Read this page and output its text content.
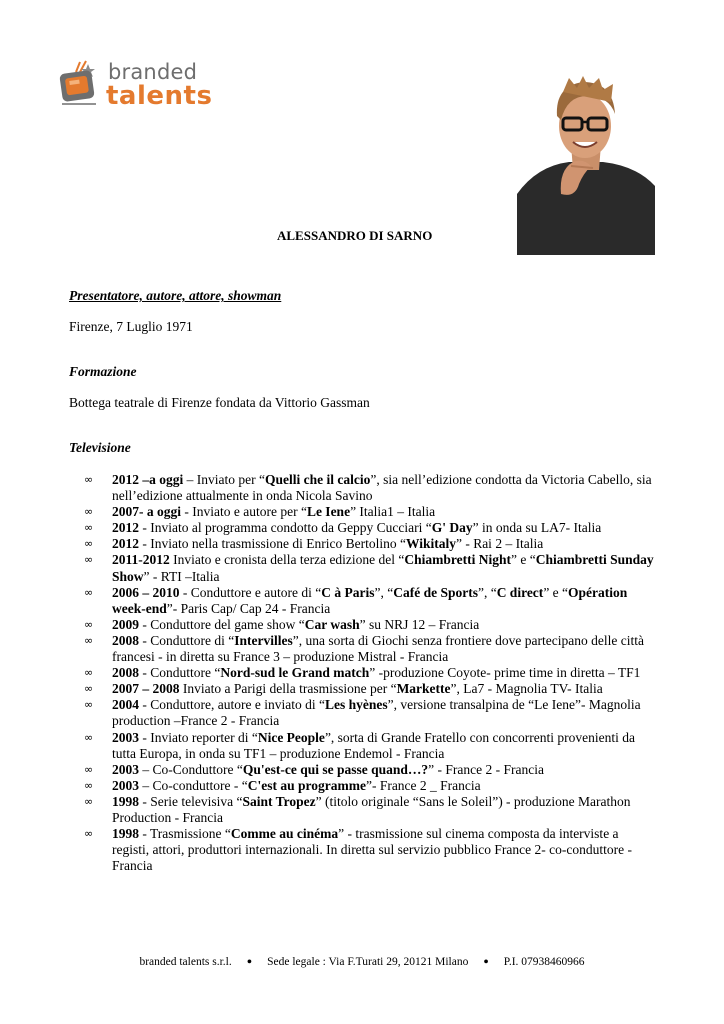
branded
talents
ALESSANDRO DI SARNO
Presentatore, autore, attore, showman
Firenze, 7 Luglio 1971
Formazione
Bottega teatrale di Firenze fondata da Vittorio Gassman
Televisione
∞ 2012 –a oggi – Inviato per “Quelli che il calcio”, sia nell’edizione condotta da Victoria Cabello, sia nell’edizione attualmente in onda Nicola Savino
∞ 2007- a oggi - Inviato e autore per “Le Iene” Italia1 – Italia
∞ 2012 - Inviato al programma condotto da Geppy Cucciari “G' Day” in onda su LA7- Italia
∞ 2012 - Inviato nella trasmissione di Enrico Bertolino “Wikitaly” - Rai 2 – Italia
∞ 2011-2012 Inviato e cronista della terza edizione del “Chiambretti Night” e “Chiambretti Sunday Show” - RTI –Italia
∞ 2006 – 2010 - Conduttore e autore di “C à Paris”, “Café de Sports”, “C direct” e “Opération week-end”- Paris Cap/ Cap 24 - Francia
∞ 2009 - Conduttore del game show “Car wash” su NRJ 12 – Francia
∞ 2008 - Conduttore di “Intervilles”, una sorta di Giochi senza frontiere dove partecipano delle città francesi - in diretta su France 3 – produzione Mistral - Francia
∞ 2008 - Conduttore “Nord-sud le Grand match” -produzione Coyote- prime time in diretta – TF1
∞ 2007 – 2008 Inviato a Parigi della trasmissione per “Markette”, La7 - Magnolia TV- Italia
∞ 2004 - Conduttore, autore e inviato di “Les hyènes”, versione transalpina de “Le Iene”- Magnolia production –France 2 - Francia
∞ 2003 - Inviato reporter di “Nice People”, sorta di Grande Fratello con concorrenti provenienti da tutta Europa, in onda su TF1 – produzione Endemol - Francia
∞ 2003 – Co-Conduttore “Qu'est-ce qui se passe quand…?” - France 2 - Francia
∞ 2003 – Co-conduttore - “C'est au programme”- France 2 _ Francia
∞ 1998 - Serie televisiva “Saint Tropez” (titolo originale “Sans le Soleil”) - produzione Marathon Production - Francia
∞ 1998 - Trasmissione “Comme au cinéma” - trasmissione sul cinema composta da interviste a registi, attori, produttori internazionali. In diretta sul servizio pubblico France 2- co-conduttore - Francia
branded talents s.r.l. • Sede legale : Via F.Turati 29, 20121 Milano • P.I. 07938460966
